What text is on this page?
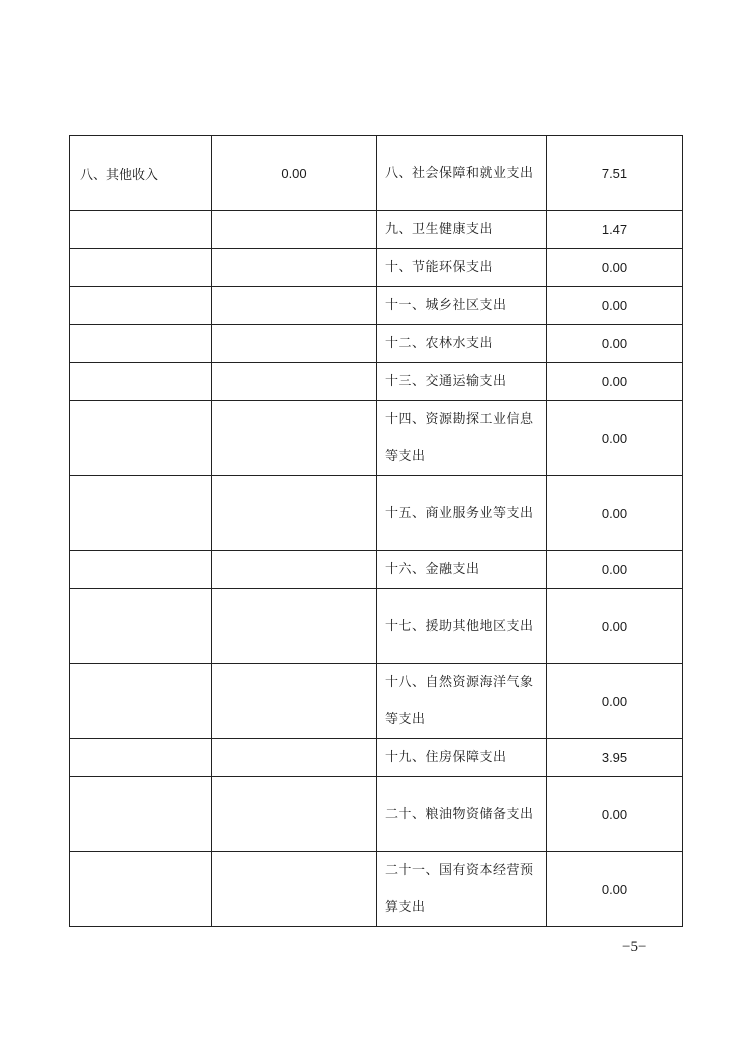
八、其他收入	0.00	八、社会保障和就业支出	7.51

		九、卫生健康支出	1.47

		十、节能环保支出	0.00

		十一、城乡社区支出	0.00

		十二、农林水支出	0.00

		十三、交通运输支出	0.00

		十四、资源勘探工业信息等支出	0.00

		十五、商业服务业等支出	0.00

		十六、金融支出	0.00

		十七、援助其他地区支出	0.00

		十八、自然资源海洋气象等支出	0.00

		十九、住房保障支出	3.95

		二十、粮油物资储备支出	0.00

		二十一、国有资本经营预算支出	0.00
−5−
